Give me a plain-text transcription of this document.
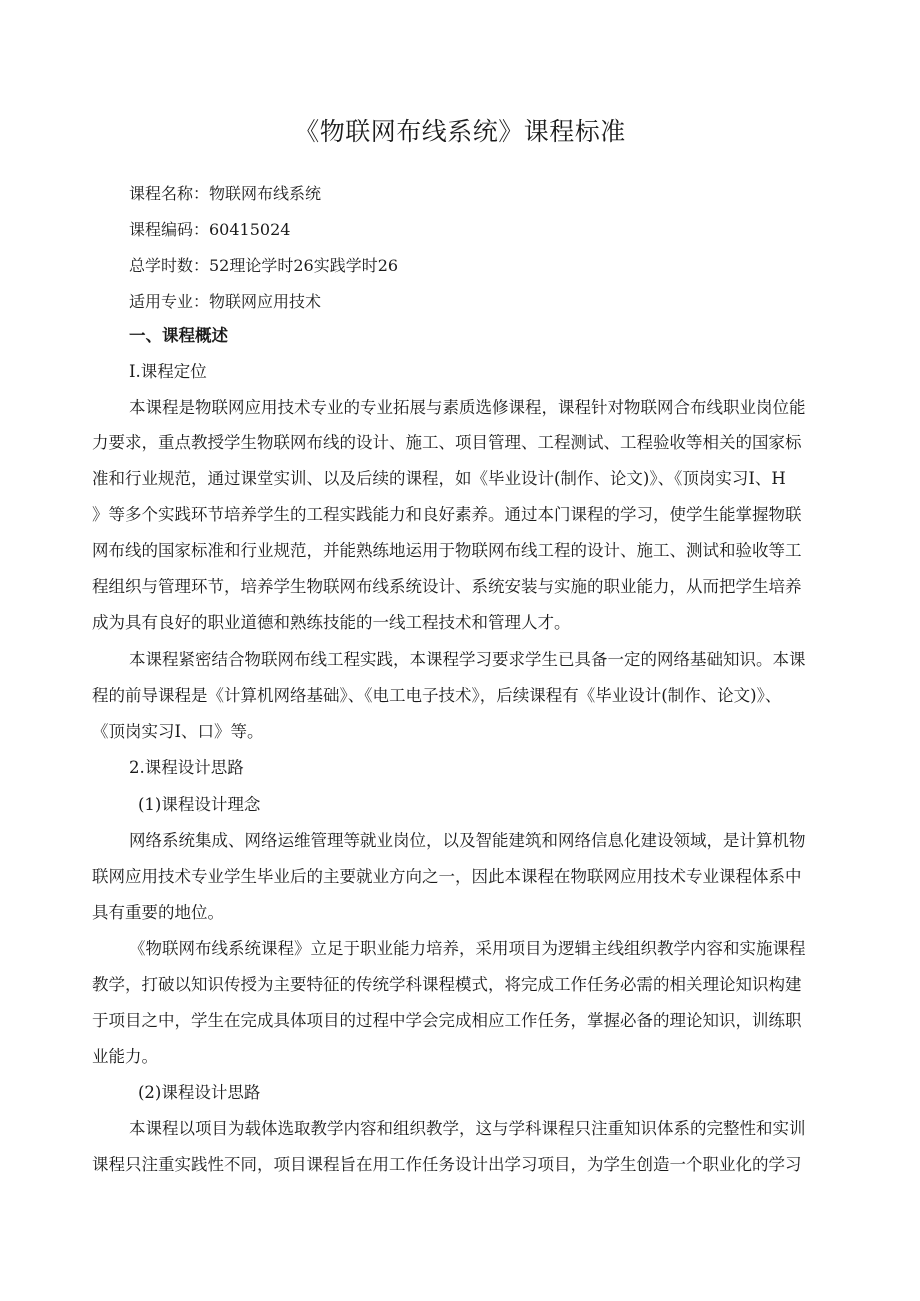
《物联网布线系统》课程标准
课程名称：物联网布线系统
课程编码：60415024
总学时数：52理论学时26实践学时26
适用专业：物联网应用技术
一、课程概述
I.课程定位
本课程是物联网应用技术专业的专业拓展与素质选修课程，课程针对物联网合布线职业岗位能
力要求，重点教授学生物联网布线的设计、施工、项目管理、工程测试、工程验收等相关的国家标
准和行业规范，通过课堂实训、以及后续的课程，如《毕业设计(制作、论文)》、《顶岗实习I、H
》等多个实践环节培养学生的工程实践能力和良好素养。通过本门课程的学习，使学生能掌握物联
网布线的国家标准和行业规范，并能熟练地运用于物联网布线工程的设计、施工、测试和验收等工
程组织与管理环节，培养学生物联网布线系统设计、系统安装与实施的职业能力，从而把学生培养
成为具有良好的职业道德和熟练技能的一线工程技术和管理人才。
本课程紧密结合物联网布线工程实践，本课程学习要求学生已具备一定的网络基础知识。本课
程的前导课程是《计算机网络基础》、《电工电子技术》，后续课程有《毕业设计(制作、论文)》、
《顶岗实习I、口》等。
2.课程设计思路
(1)课程设计理念
网络系统集成、网络运维管理等就业岗位，以及智能建筑和网络信息化建设领域，是计算机物
联网应用技术专业学生毕业后的主要就业方向之一，因此本课程在物联网应用技术专业课程体系中
具有重要的地位。
《物联网布线系统课程》立足于职业能力培养，采用项目为逻辑主线组织教学内容和实施课程
教学，打破以知识传授为主要特征的传统学科课程模式，将完成工作任务必需的相关理论知识构建
于项目之中，学生在完成具体项目的过程中学会完成相应工作任务，掌握必备的理论知识，训练职
业能力。
(2)课程设计思路
本课程以项目为载体选取教学内容和组织教学，这与学科课程只注重知识体系的完整性和实训
课程只注重实践性不同，项目课程旨在用工作任务设计出学习项目，为学生创造一个职业化的学习
